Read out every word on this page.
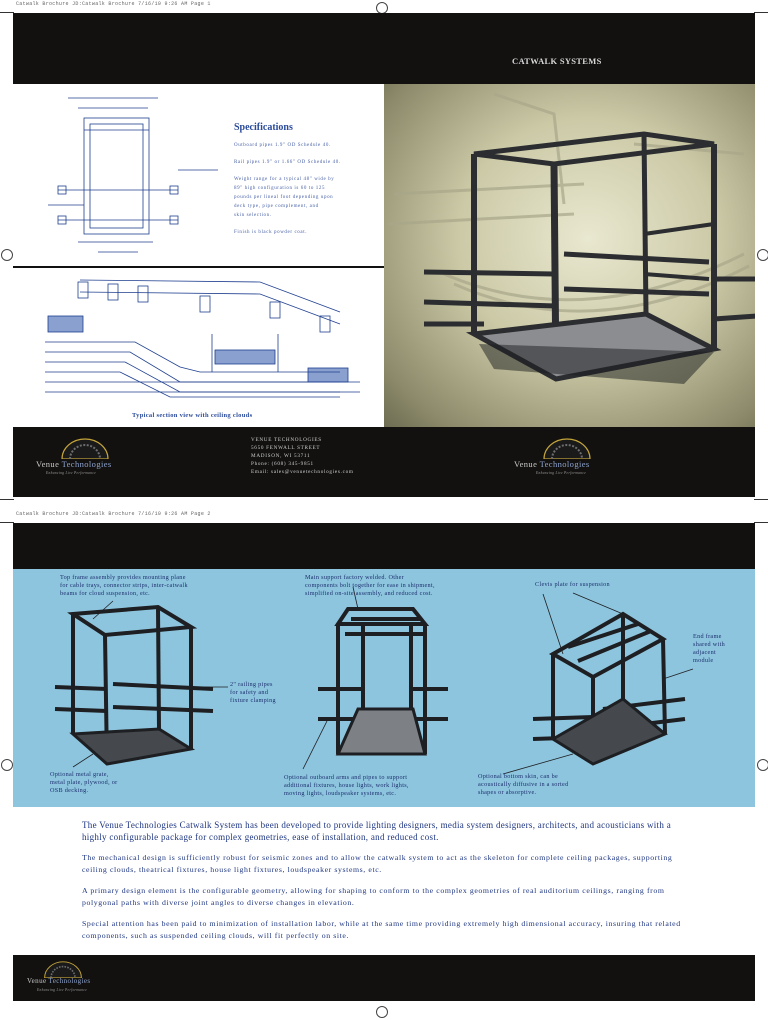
Catwalk Brochure JD:Catwalk Brochure 7/16/10 9:26 AM Page 1
CATWALK SYSTEMS
Specifications
Outboard pipes 1.9" OD Schedule 40.
Rail pipes 1.9" or 1.66" OD Schedule 40.
Weight range for a typical 48" wide by
89" high configuration is 60 to 125
pounds per lineal foot depending upon
deck type, pipe complement, and
skin selection.
Finish is black powder coat.
Typical section view with ceiling clouds
Venue Technologies
Enhancing Live Performance
VENUE TECHNOLOGIES
5650 FENWALL STREET
MADISON, WI 53711
Phone: (608) 345-9851
Email: sales@venuetechnologies.com
Venue Technologies
Enhancing Live Performance
Catwalk Brochure JD:Catwalk Brochure 7/16/10 9:26 AM Page 2
Top frame assembly provides mounting plane
for cable trays, connector strips, inter-catwalk
beams for cloud suspension, etc.
2" railing pipes
for safety and
fixture clamping
Optional metal grate,
metal plate, plywood, or
OSB decking.
Main support factory welded. Other
components bolt together for ease in shipment,
simplified on-site assembly, and reduced cost.
Optional outboard arms and pipes to support
additional fixtures, house lights, work lights,
moving lights, loudspeaker systems, etc.
Clevis plate for suspension
End frame
shared with
adjacent
module
Optional bottom skin, can be
acoustically diffusive in a sorted
shapes or absorptive.
The Venue Technologies Catwalk System has been developed to provide lighting designers, media system designers, architects, and acousticians with a highly configurable package for complex geometries, ease of installation, and reduced cost.
The mechanical design is sufficiently robust for seismic zones and to allow the catwalk system to act as the skeleton for complete ceiling packages, supporting ceiling clouds, theatrical fixtures, house light fixtures, loudspeaker systems, etc.
A primary design element is the configurable geometry, allowing for shaping to conform to the complex geometries of real auditorium ceilings, ranging from polygonal paths with diverse joint angles to diverse changes in elevation.
Special attention has been paid to minimization of installation labor, while at the same time providing extremely high dimensional accuracy, insuring that related components, such as suspended ceiling clouds, will fit perfectly on site.
Venue Technologies
Enhancing Live Performance
